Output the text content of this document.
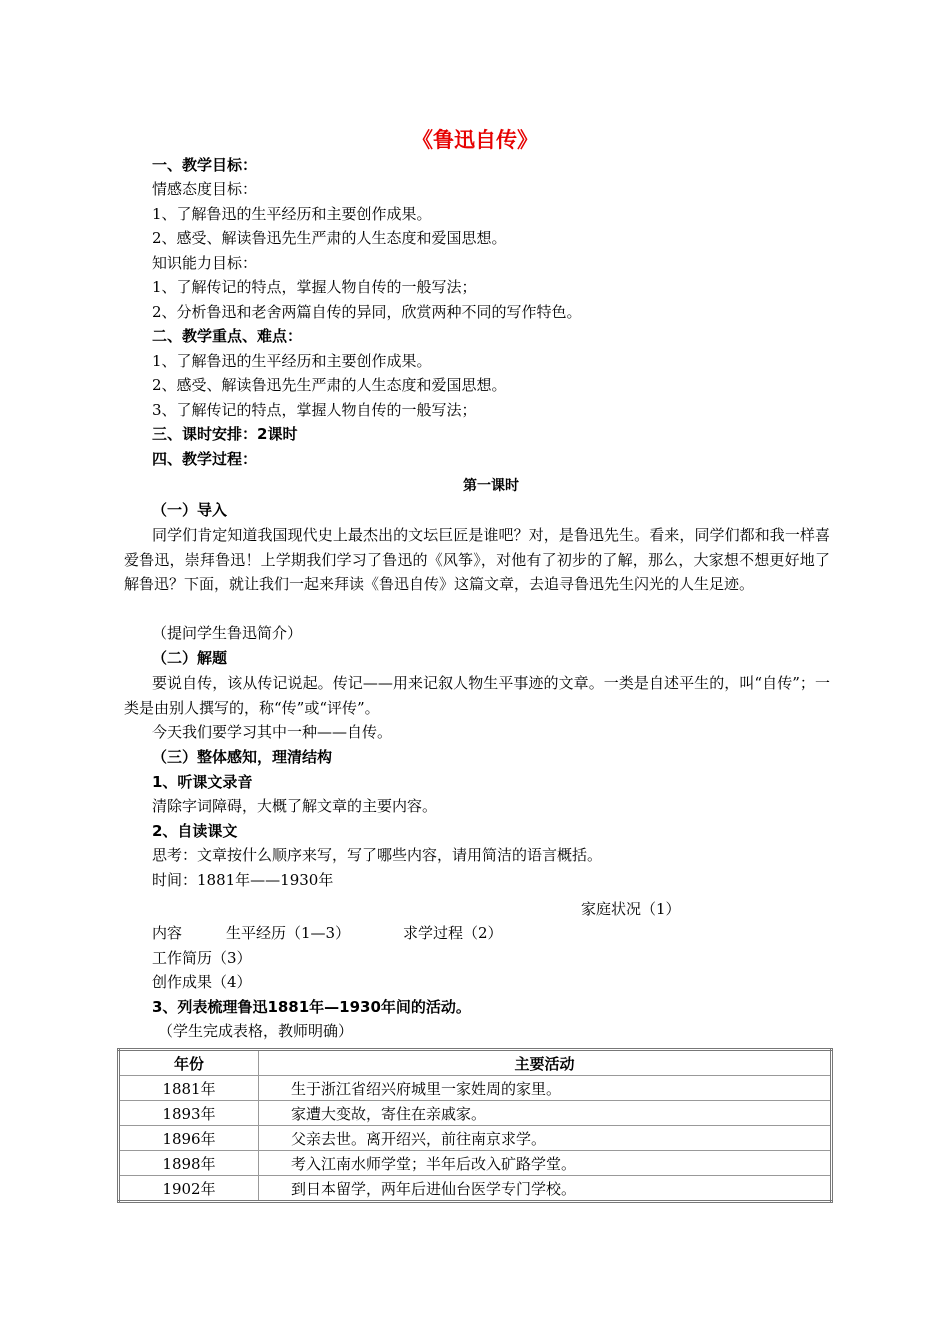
《鲁迅自传》
一、教学目标：
情感态度目标：
1、了解鲁迅的生平经历和主要创作成果。
2、感受、解读鲁迅先生严肃的人生态度和爱国思想。
知识能力目标：
1、了解传记的特点，掌握人物自传的一般写法；
2、分析鲁迅和老舍两篇自传的异同，欣赏两种不同的写作特色。
二、教学重点、难点：
1、了解鲁迅的生平经历和主要创作成果。
2、感受、解读鲁迅先生严肃的人生态度和爱国思想。
3、了解传记的特点，掌握人物自传的一般写法；
三、课时安排：2课时
四、教学过程：
第一课时
（一）导入
同学们肯定知道我国现代史上最杰出的文坛巨匠是谁吧？对，是鲁迅先生。看来，同学们都和我一样喜爱鲁迅，崇拜鲁迅！上学期我们学习了鲁迅的《风筝》，对他有了初步的了解，那么，大家想不想更好地了解鲁迅？下面，就让我们一起来拜读《鲁迅自传》这篇文章，去追寻鲁迅先生闪光的人生足迹。
（提问学生鲁迅简介）
（二）解题
要说自传，该从传记说起。传记——用来记叙人物生平事迹的文章。一类是自述平生的，叫“自传”；一类是由别人撰写的，称“传”或“评传”。
今天我们要学习其中一种——自传。
（三）整体感知，理清结构
1、听课文录音
清除字词障碍，大概了解文章的主要内容。
2、自读课文
思考：文章按什么顺序来写，写了哪些内容，请用简洁的语言概括。
时间：1881年——1930年
家庭状况（1）
内容	生平经历（1—3）	求学过程（2）
工作简历（3）
创作成果（4）
3、列表梳理鲁迅1881年—1930年间的活动。
（学生完成表格，教师明确）
年份	主要活动
1881年	生于浙江省绍兴府城里一家姓周的家里。
1893年	家遭大变故，寄住在亲戚家。
1896年	父亲去世。离开绍兴，前往南京求学。
1898年	考入江南水师学堂；半年后改入矿路学堂。
1902年	到日本留学，两年后进仙台医学专门学校。
